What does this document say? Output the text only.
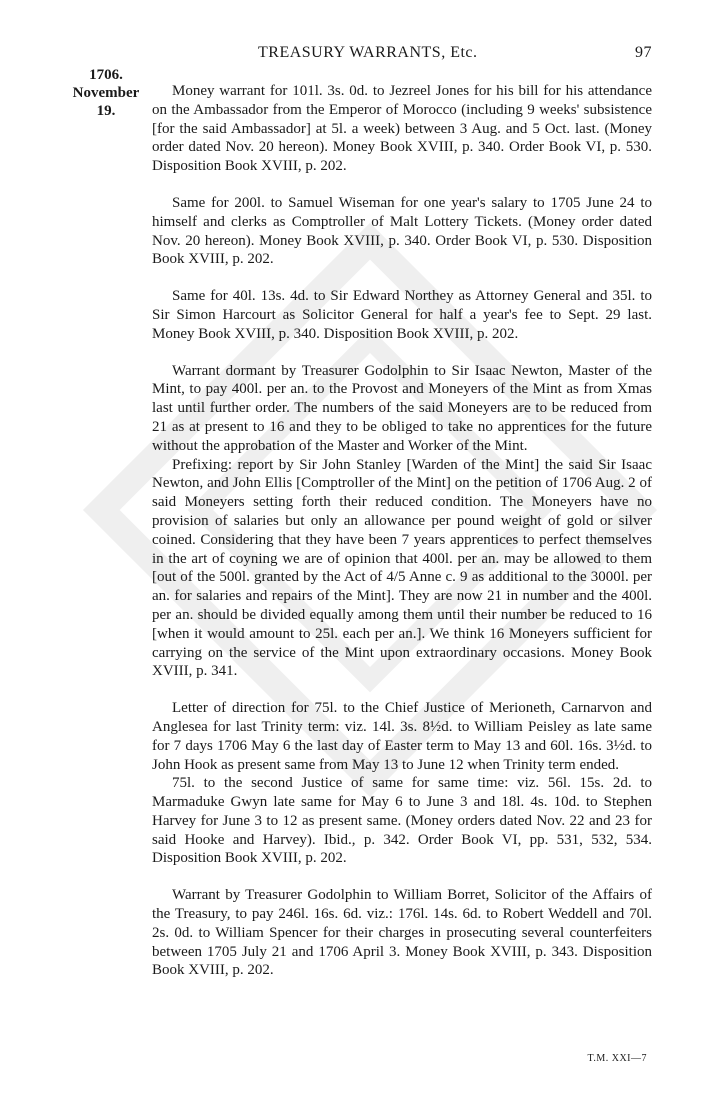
TREASURY WARRANTS, Etc.	97
1706.
November
19.

Money warrant for 101l. 3s. 0d. to Jezreel Jones for his bill for his attendance on the Ambassador from the Emperor of Morocco (including 9 weeks' subsistence [for the said Ambassador] at 5l. a week) between 3 Aug. and 5 Oct. last. (Money order dated Nov. 20 hereon). Money Book XVIII, p. 340. Order Book VI, p. 530. Disposition Book XVIII, p. 202.

Same for 200l. to Samuel Wiseman for one year's salary to 1705 June 24 to himself and clerks as Comptroller of Malt Lottery Tickets. (Money order dated Nov. 20 hereon). Money Book XVIII, p. 340. Order Book VI, p. 530. Disposition Book XVIII, p. 202.

Same for 40l. 13s. 4d. to Sir Edward Northey as Attorney General and 35l. to Sir Simon Harcourt as Solicitor General for half a year's fee to Sept. 29 last. Money Book XVIII, p. 340. Disposition Book XVIII, p. 202.

Warrant dormant by Treasurer Godolphin to Sir Isaac Newton, Master of the Mint, to pay 400l. per an. to the Provost and Moneyers of the Mint as from Xmas last until further order. The numbers of the said Moneyers are to be reduced from 21 as at present to 16 and they to be obliged to take no apprentices for the future without the approbation of the Master and Worker of the Mint.

Prefixing: report by Sir John Stanley [Warden of the Mint] the said Sir Isaac Newton, and John Ellis [Comptroller of the Mint] on the petition of 1706 Aug. 2 of said Moneyers setting forth their reduced condition. The Moneyers have no provision of salaries but only an allowance per pound weight of gold or silver coined. Considering that they have been 7 years apprentices to perfect themselves in the art of coyning we are of opinion that 400l. per an. may be allowed to them [out of the 500l. granted by the Act of 4/5 Anne c. 9 as additional to the 3000l. per an. for salaries and repairs of the Mint]. They are now 21 in number and the 400l. per an. should be divided equally among them until their number be reduced to 16 [when it would amount to 25l. each per an.]. We think 16 Moneyers sufficient for carrying on the service of the Mint upon extraordinary occasions. Money Book XVIII, p. 341.

Letter of direction for 75l. to the Chief Justice of Merioneth, Carnarvon and Anglesea for last Trinity term: viz. 14l. 3s. 8½d. to William Peisley as late same for 7 days 1706 May 6 the last day of Easter term to May 13 and 60l. 16s. 3½d. to John Hook as present same from May 13 to June 12 when Trinity term ended.

75l. to the second Justice of same for same time: viz. 56l. 15s. 2d. to Marmaduke Gwyn late same for May 6 to June 3 and 18l. 4s. 10d. to Stephen Harvey for June 3 to 12 as present same. (Money orders dated Nov. 22 and 23 for said Hooke and Harvey). Ibid., p. 342. Order Book VI, pp. 531, 532, 534. Disposition Book XVIII, p. 202.

Warrant by Treasurer Godolphin to William Borret, Solicitor of the Affairs of the Treasury, to pay 246l. 16s. 6d. viz.: 176l. 14s. 6d. to Robert Weddell and 70l. 2s. 0d. to William Spencer for their charges in prosecuting several counterfeiters between 1705 July 21 and 1706 April 3. Money Book XVIII, p. 343. Disposition Book XVIII, p. 202.

T.M. XXI—7
